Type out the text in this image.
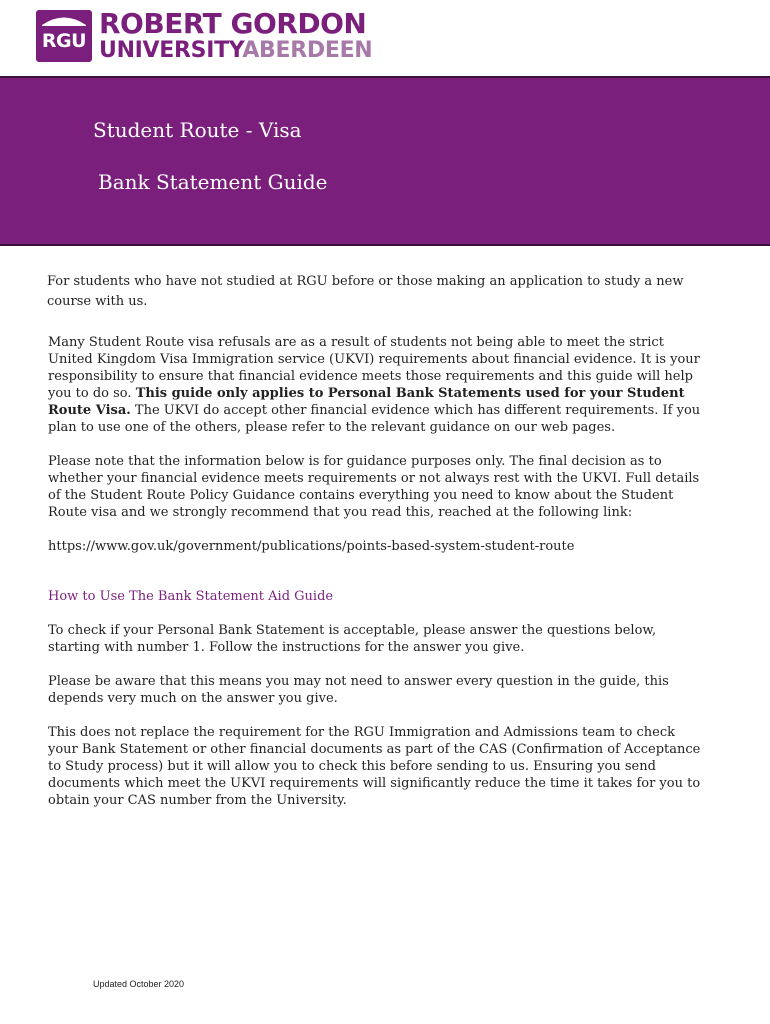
RGU
ROBERT GORDON
UNIVERSITYABERDEEN
Student Route - Visa
Bank Statement Guide
For students who have not studied at RGU before or those making an application to study a new course with us.

Many Student Route visa refusals are as a result of students not being able to meet the strict United Kingdom Visa Immigration service (UKVI) requirements about financial evidence. It is your responsibility to ensure that financial evidence meets those requirements and this guide will help you to do so. This guide only applies to Personal Bank Statements used for your Student Route Visa. The UKVI do accept other financial evidence which has different requirements. If you plan to use one of the others, please refer to the relevant guidance on our web pages.

Please note that the information below is for guidance purposes only. The final decision as to whether your financial evidence meets requirements or not always rest with the UKVI. Full details of the Student Route Policy Guidance contains everything you need to know about the Student Route visa and we strongly recommend that you read this, reached at the following link:

https://www.gov.uk/government/publications/points-based-system-student-route

How to Use The Bank Statement Aid Guide

To check if your Personal Bank Statement is acceptable, please answer the questions below, starting with number 1. Follow the instructions for the answer you give.

Please be aware that this means you may not need to answer every question in the guide, this depends very much on the answer you give.

This does not replace the requirement for the RGU Immigration and Admissions team to check your Bank Statement or other financial documents as part of the CAS (Confirmation of Acceptance to Study process) but it will allow you to check this before sending to us. Ensuring you send documents which meet the UKVI requirements will significantly reduce the time it takes for you to obtain your CAS number from the University.

Updated October 2020
